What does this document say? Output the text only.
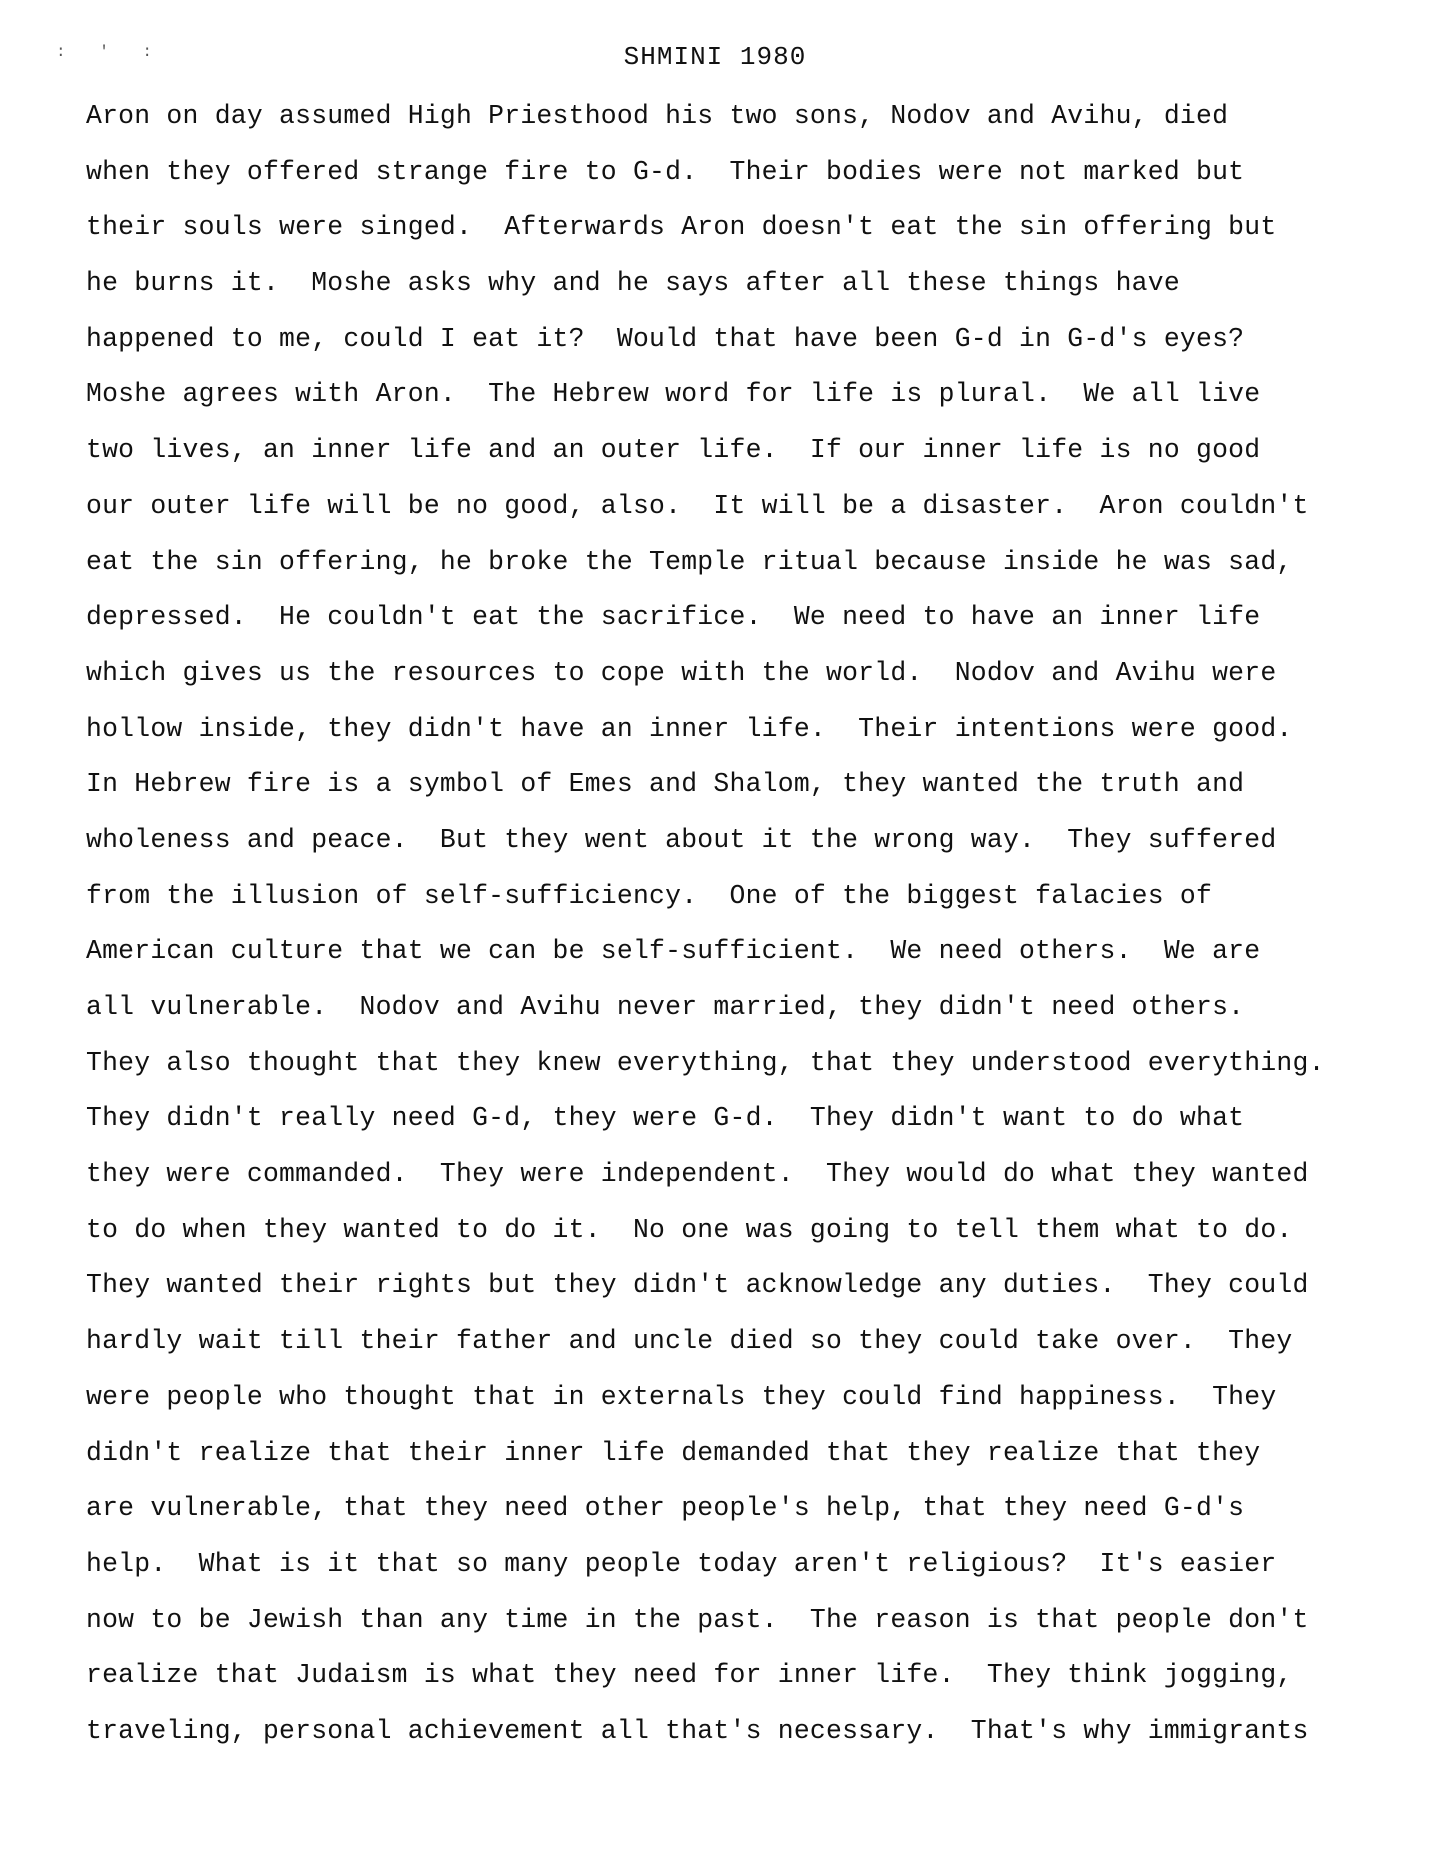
: ' :	SHMINI 1980
Aron on day assumed High Priesthood his two sons, Nodov and Avihu, died
when they offered strange fire to G-d.  Their bodies were not marked but
their souls were singed.  Afterwards Aron doesn't eat the sin offering but
he burns it.  Moshe asks why and he says after all these things have
happened to me, could I eat it?  Would that have been G-d in G-d's eyes?
Moshe agrees with Aron.  The Hebrew word for life is plural.  We all live
two lives, an inner life and an outer life.  If our inner life is no good
our outer life will be no good, also.  It will be a disaster.  Aron couldn't
eat the sin offering, he broke the Temple ritual because inside he was sad,
depressed.  He couldn't eat the sacrifice.  We need to have an inner life
which gives us the resources to cope with the world.  Nodov and Avihu were
hollow inside, they didn't have an inner life.  Their intentions were good.
In Hebrew fire is a symbol of Emes and Shalom, they wanted the truth and
wholeness and peace.  But they went about it the wrong way.  They suffered
from the illusion of self-sufficiency.  One of the biggest falacies of
American culture that we can be self-sufficient.  We need others.  We are
all vulnerable.  Nodov and Avihu never married, they didn't need others.
They also thought that they knew everything, that they understood everything.
They didn't really need G-d, they were G-d.  They didn't want to do what
they were commanded.  They were independent.  They would do what they wanted
to do when they wanted to do it.  No one was going to tell them what to do.
They wanted their rights but they didn't acknowledge any duties.  They could
hardly wait till their father and uncle died so they could take over.  They
were people who thought that in externals they could find happiness.  They
didn't realize that their inner life demanded that they realize that they
are vulnerable, that they need other people's help, that they need G-d's
help.  What is it that so many people today aren't religious?  It's easier
now to be Jewish than any time in the past.  The reason is that people don't
realize that Judaism is what they need for inner life.  They think jogging,
traveling, personal achievement all that's necessary.  That's why immigrants
